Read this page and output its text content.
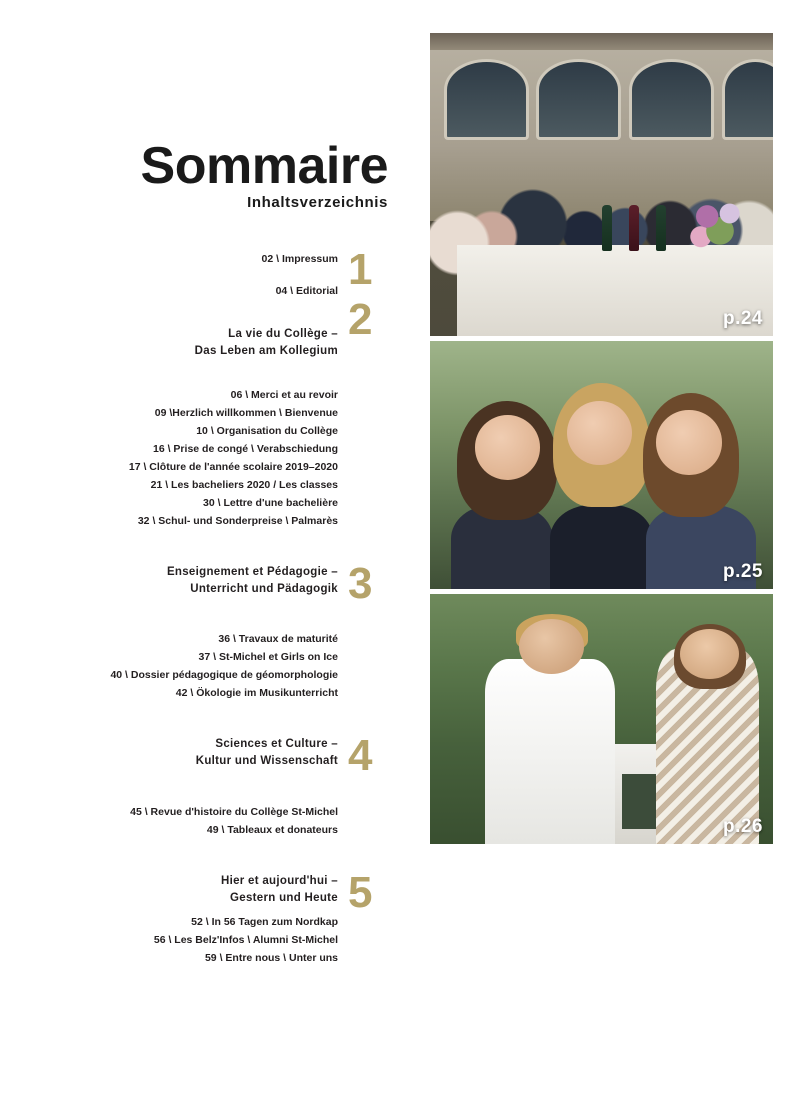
Sommaire
Inhaltsverzeichnis
02 \ Impressum
04 \ Editorial
La vie du Collège –
Das Leben am Kollegium
1
2
06 \ Merci et au revoir
09 \Herzlich willkommen \ Bienvenue
10 \ Organisation du Collège
16 \ Prise de congé \ Verabschiedung
17 \ Clôture de l'année scolaire 2019–2020
21 \ Les bacheliers 2020 / Les classes
30 \ Lettre d'une bachelière
32 \ Schul- und Sonderpreise \ Palmarès
Enseignement et Pédagogie –
Unterricht und Pädagogik 3
36 \ Travaux de maturité
37 \ St-Michel et Girls on Ice
40 \ Dossier pédagogique de géomorphologie
42 \ Ökologie im Musikunterricht
Sciences et Culture –
Kultur und Wissenschaft 4
45 \ Revue d'histoire du Collège St-Michel
49 \ Tableaux et donateurs
Hier et aujourd'hui –
Gestern und Heute 5
52 \ In 56 Tagen zum Nordkap
56 \ Les Belz'Infos \ Alumni St-Michel
59 \ Entre nous \ Unter uns
p.24
p.25
p.26
